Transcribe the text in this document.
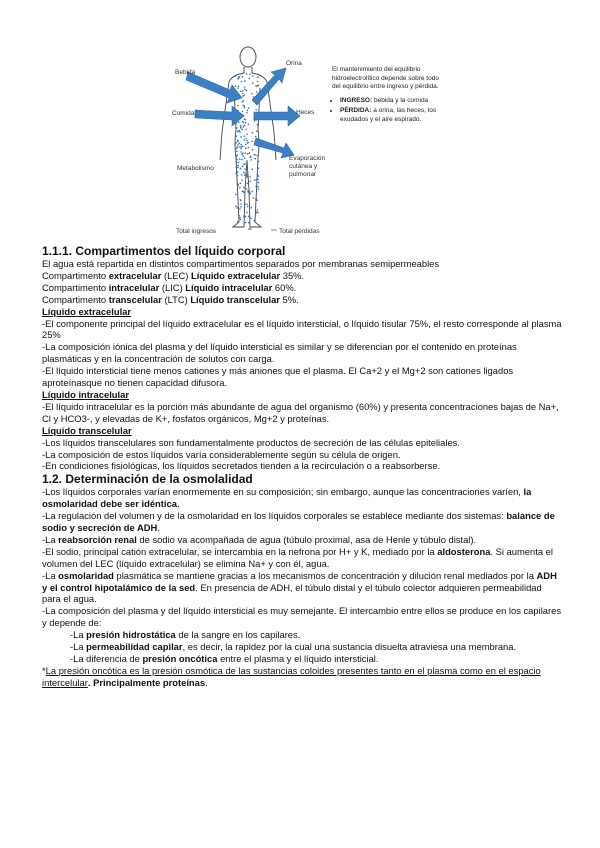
Bebida
Orina
Comida	Heces
Metabolismo
Evaporación cutánea y pulmonar
Total ingresos	=	Total pérdidas
El mantenimiento del equilibrio hidroelectrolítico depende sobre todo del equilibrio entre ingreso y pérdida.
• INGRESO: bebida y la comida
• PÉRDIDA: a orina, las heces, los exudados y el aire espirado.
1.1.1. Compartimentos del líquido corporal

El agua está repartida en distintos compartimentos separados por membranas semipermeables

Compartimento extracelular (LEC) Líquido extracelular 35%.

Compartimento intracelular (LIC) Líquido intracelular 60%.

Compartimento transcelular (LTC) Líquido transcelular 5%.

Líquido extracelular

-El componente principal del líquido extracelular es el líquido intersticial, o líquido tisular 75%, el resto corresponde al plasma 25%

-La composición iónica del plasma y del líquido intersticial es similar y se diferencian por el contenido en proteínas plasmáticas y en la concentración de solutos con carga.

-El líquido intersticial tiene menos cationes y más aniones que el plasma. El Ca+2 y el Mg+2 son cationes ligados aproteínasque no tienen capacidad difusora.

Líquido intracelular

-El líquido intracelular es la porción más abundante de agua del organismo (60%) y presenta concentraciones bajas de Na+, Cl y HCO3-, y elevadas de K+, fosfatos orgánicos, Mg+2 y proteínas.

Líquido transcelular

-Los líquidos transcelulares son fundamentalmente productos de secreción de las células epiteliales.

-La composición de estos líquidos varía considerablemente según su célula de origen.

-En condiciones fisiológicas, los líquidos secretados tienden a la recirculación o a reabsorberse.

1.2. Determinación de la osmolalidad

-Los líquidos corporales varían enormemente en su composición; sin embargo, aunque las concentraciones varíen, la osmolaridad debe ser idéntica.

-La regulación del volumen y de la osmolaridad en los líquidos corporales se establece mediante dos sistemas: balance de sodio y secreción de ADH.

-La reabsorción renal de sodio va acompañada de agua (túbulo proximal, asa de Henle y túbulo distal).

-El sodio, principal catión extracelular, se intercambia en la nefrona por H+ y K, mediado por la aldosterona. Si aumenta el volumen del LEC (líquido extracelular) se elimina Na+ y con él, agua.

-La osmolaridad plasmática se mantiene gracias a los mecanismos de concentración y dilución renal mediados por la ADH y el control hipotalámico de la sed. En presencia de ADH, el túbulo distal y el túbulo colector adquieren permeabilidad para el agua.

-La composición del plasma y del líquido intersticial es muy semejante. El intercambio entre ellos se produce en los capilares y depende de:

-La presión hidrostática de la sangre en los capilares.

-La permeabilidad capilar, es decir, la rapidez por la cual una sustancia disuelta atraviesa una membrana.

-La diferencia de presión oncótica entre el plasma y el líquido intersticial.

*La presión oncótica es la presión osmótica de las sustancias coloides presentes tanto en el plasma como en el espacio intercelular. Principalmente proteínas.
